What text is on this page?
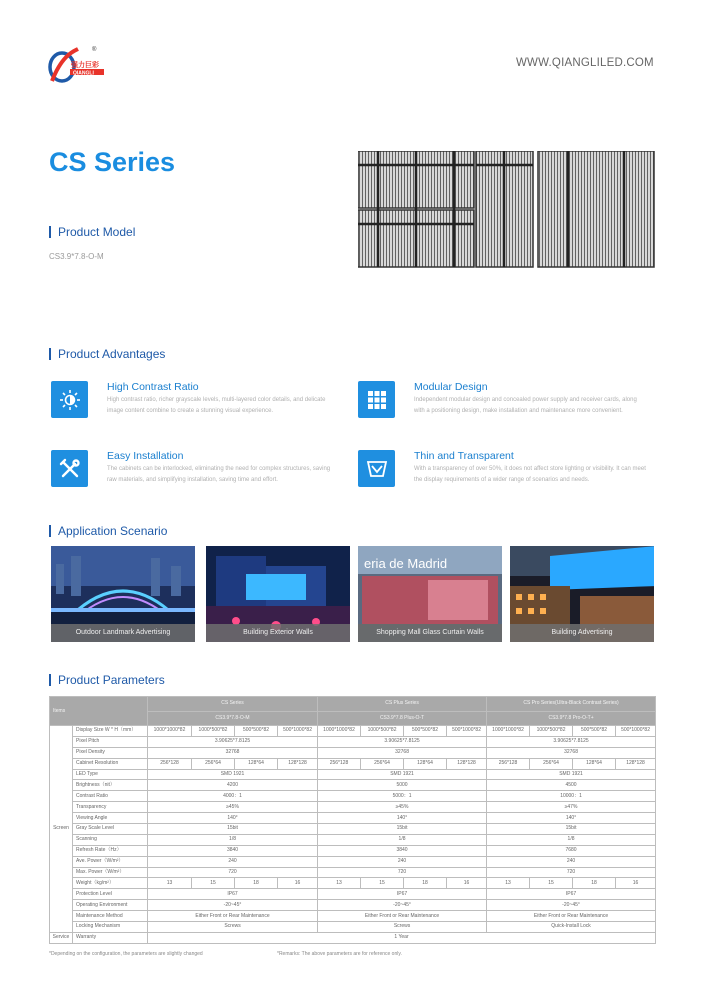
强力巨彩
QIANGLI
®
WWW.QIANGLILED.COM
CS Series
Product Model
CS3.9*7.8-O-M
Product Advantages
High Contrast Ratio
High contrast ratio, richer grayscale levels, multi-layered color details, and delicate image content combine to create a stunning visual experience.
Modular Design
Independent modular design and concealed power supply and receiver cards, along with a positioning design, make installation and maintenance more convenient.
Easy Installation
The cabinets can be interlocked, eliminating the need for complex structures, saving raw materials, and simplifying installation, saving time and effort.
Thin and Transparent
With a transparency of over 50%, it does not affect store lighting or visibility. It can meet the display requirements of a wider range of scenarios and needs.
Application Scenario
Outdoor Landmark Advertising	Building Exterior Walls
eria de Madrid
Shopping Mall Glass Curtain Walls	Building Advertising
Product Parameters
Items		CS Series				CS Plus Series				CS Pro Series(Ultra-Black Contrast Series)			
		CS3.9*7.8-O-M				CS3.9*7.8 Plus-O-T				CS3.9*7.8 Pro-O-T+			
Screen	Display Size W * H（mm）	1000*1000*82	1000*500*82	500*500*82	500*1000*82	1000*1000*82	1000*500*82	500*500*82	500*1000*82	1000*1000*82	1000*500*82	500*500*82	500*1000*82
	Pixel Pitch	3.90625*7.8125				3.90625*7.8125				3.90625*7.8125			
	Pixel Density	32768				32768				32768			
	Cabinet Resolution	256*128	256*64	128*64	128*128	256*128	256*64	128*64	128*128	256*128	256*64	128*64	128*128
	LED Type	SMD 1921				SMD 1921				SMD 1921			
	Brightness（nit）	4200				5000				4500			
	Contrast Ratio	4000：1				5000：1				10000：1			
	Transparency	≥45%				≥45%				≥47%			
	Viewing Angle	140°				140°				140°			
	Gray Scale Level	15bit				15bit				15bit			
	Scanning	1/8				1/8				1/8			
	Refresh Rate（Hz）	3840				3840				7680			
	Ave. Power（W/m²）	240				240				240			
	Max. Power（W/m²）	720				720				720			
	Weight（kg/m²）	13	15	18	16	13	15	18	16	13	15	18	16
	Protection Level	IP67				IP67				IP67			
	Operating Environment	-20~45°				-20~45°				-20~45°			
	Maintenance Method	Either Front or Rear Maintenance				Either Front or Rear Maintenance				Either Front or Rear Maintenance			
	Locking Mechanism	Screws				Screws				Quick-Install Lock			
Service	Warranty	1 Year											
*Depending on the configuration, the parameters are slightly changed	*Remarks: The above parameters are for reference only.
